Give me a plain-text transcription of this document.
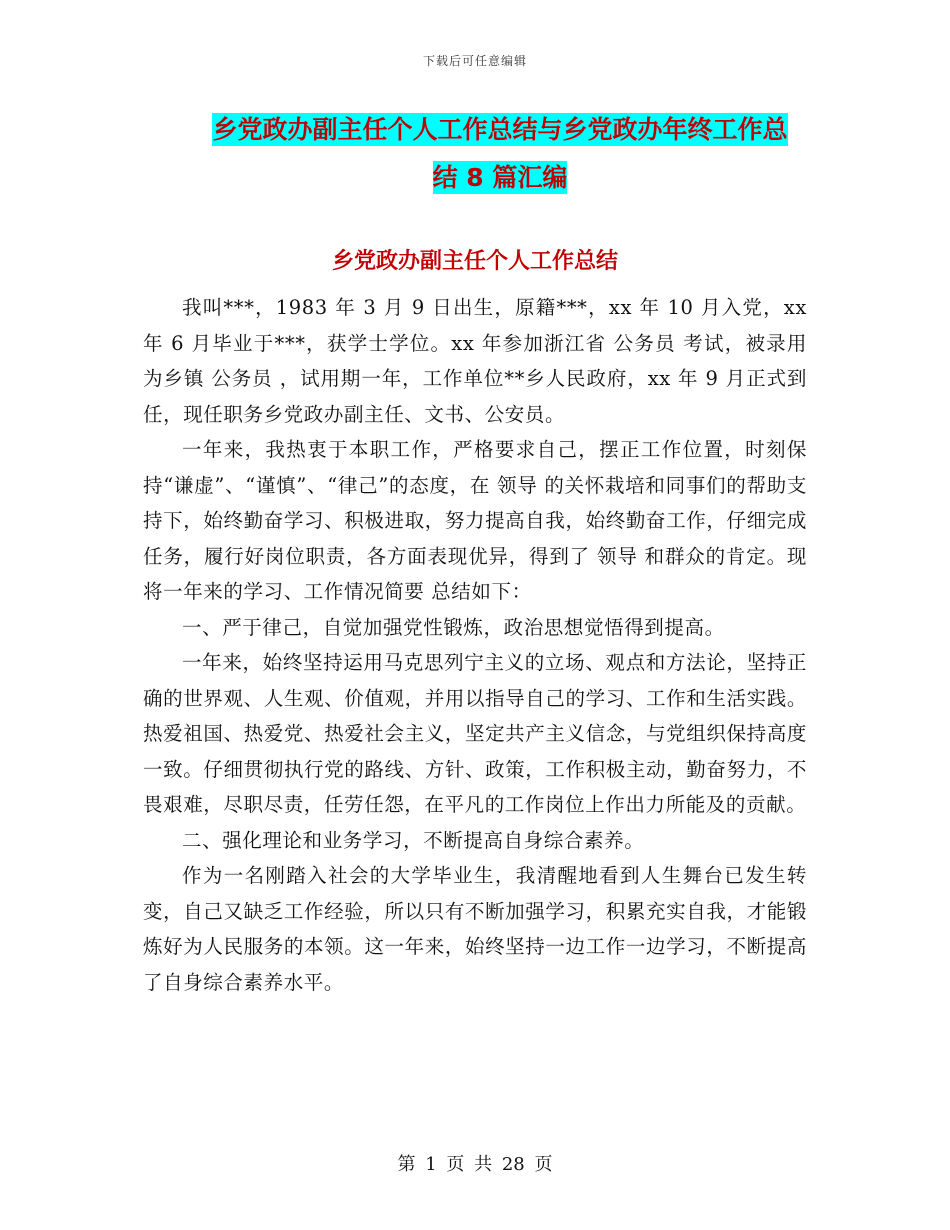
下载后可任意编辑
乡党政办副主任个人工作总结与乡党政办年终工作总
结 8 篇汇编
乡党政办副主任个人工作总结

我叫***，1983 年 3 月 9 日出生，原籍***，xx 年 10 月入党，xx 年 6 月毕业于***，获学士学位。xx 年参加浙江省 公务员 考试，被录用为乡镇 公务员 ，试用期一年，工作单位**乡人民政府，xx 年 9 月正式到任，现任职务乡党政办副主任、文书、公安员。

一年来，我热衷于本职工作，严格要求自己，摆正工作位置，时刻保持“谦虚”、“谨慎”、“律己”的态度，在 领导 的关怀栽培和同事们的帮助支持下，始终勤奋学习、积极进取，努力提高自我，始终勤奋工作，仔细完成任务，履行好岗位职责，各方面表现优异，得到了 领导 和群众的肯定。现将一年来的学习、工作情况简要 总结如下：

一、严于律己，自觉加强党性锻炼，政治思想觉悟得到提高。

一年来，始终坚持运用马克思列宁主义的立场、观点和方法论，坚持正确的世界观、人生观、价值观，并用以指导自己的学习、工作和生活实践。热爱祖国、热爱党、热爱社会主义，坚定共产主义信念，与党组织保持高度一致。仔细贯彻执行党的路线、方针、政策，工作积极主动，勤奋努力，不畏艰难，尽职尽责，任劳任怨，在平凡的工作岗位上作出力所能及的贡献。

二、强化理论和业务学习，不断提高自身综合素养。

作为一名刚踏入社会的大学毕业生，我清醒地看到人生舞台已发生转变，自己又缺乏工作经验，所以只有不断加强学习，积累充实自我，才能锻炼好为人民服务的本领。这一年来，始终坚持一边工作一边学习，不断提高了自身综合素养水平。

第 1 页 共 28 页
